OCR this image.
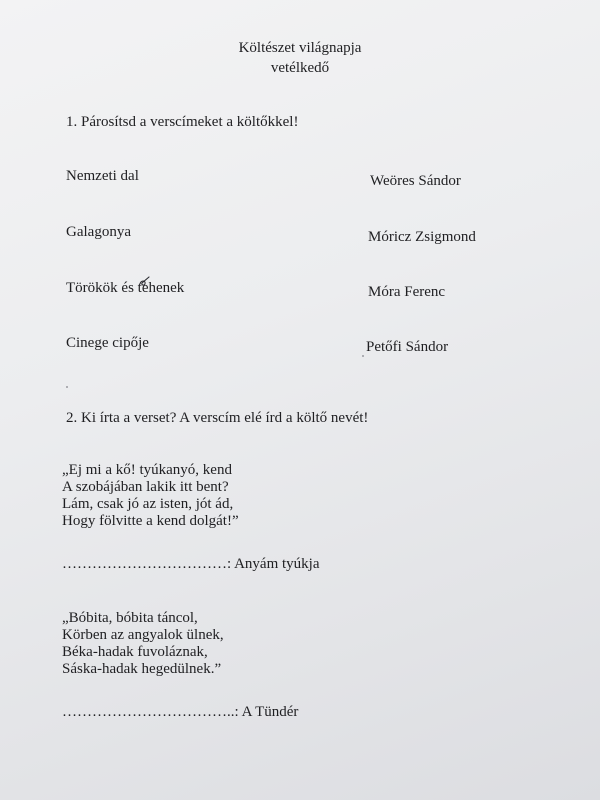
Költészet világnapja
vetélkedő
1. Párosítsd a verscímeket a költőkkel!
Nemzeti dal
Galagonya
Törökök és tehenek
Cinege cipője
Weöres Sándor
Móricz Zsigmond
Móra Ferenc
Petőfi Sándor
2. Ki írta a verset? A verscím elé írd a költő nevét!
„Ej mi a kő! tyúkanyó, kend
A szobájában lakik itt bent?
Lám, csak jó az isten, jót ád,
Hogy fölvitte a kend dolgát!”
……………………………: Anyám tyúkja
„Bóbita, bóbita táncol,
Körben az angyalok ülnek,
Béka-hadak fuvoláznak,
Sáska-hadak hegedülnek.”
……………………………..: A Tündér
